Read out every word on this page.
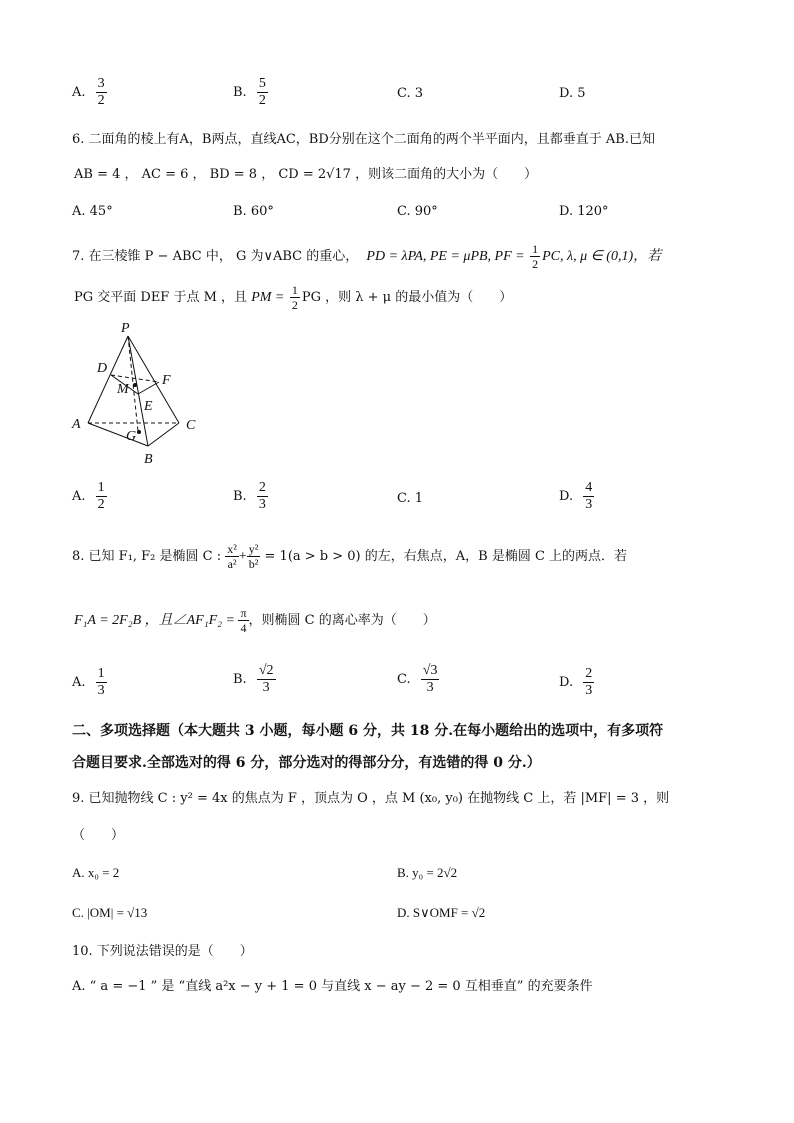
A. $\frac{3}{2}$	B. $\frac{5}{2}$	C. 3	D. 5
6. 二面角的棱上有A，B两点，直线AC，BD分别在这个二面角的两个半平面内，且都垂直于 AB.已知
AB = 4 ， AC = 6 ， BD = 8 ， CD = 2√17 ，则该二面角的大小为（　　）
A. 45°	B. 60°	C. 90°	D. 120°
7. 在三棱锥 P − ABC 中， G 为∨ABC 的重心， PD = λPA, PE = μPB, PF = $\frac{1}{2}$ PC, λ, μ ∈ (0,1)，若
PG 交平面 DEF 于点 M ，且 PM = $\frac{1}{2}$ PG ，则 λ + μ 的最小值为（　　）
P
D
F
M
E
A	C
G
B
A. $\frac{1}{2}$	B. $\frac{2}{3}$	C. 1	D. $\frac{4}{3}$
8. 已知 F₁, F₂ 是椭圆 C : $\frac{\text{x²}}{\text{a²}} + \frac{\text{y²}}{\text{b²}} = 1(a > b > 0)$ 的左，右焦点，A，B 是椭圆 C 上的两点．若
F₁A = 2F₂B ，且∠AF₁F₂ = $\frac{\pi}{4}$ ，则椭圆 C 的离心率为（　　）
A. $\frac{1}{3}$	B. $\frac{√2}{3}$	C. $\frac{√3}{3}$	D. $\frac{2}{3}$
二、多项选择题（本大题共 3 小题，每小题 6 分，共 18 分.在每小题给出的选项中，有多项符
合题目要求.全部选对的得 6 分，部分选对的得部分分，有选错的得 0 分.）
9. 已知抛物线 C : y² = 4x 的焦点为 F ，顶点为 O ，点 M (x₀, y₀) 在抛物线 C 上，若 |MF| = 3 ，则
（　　）
A. x₀ = 2	B. y₀ = 2√2
C. |OM| = √13	D. S∨OMF = √2
10. 下列说法错误的是（　　）
A. “ a = −1 ” 是 “直线 a²x − y + 1 = 0 与直线 x − ay − 2 = 0 互相垂直” 的充要条件
